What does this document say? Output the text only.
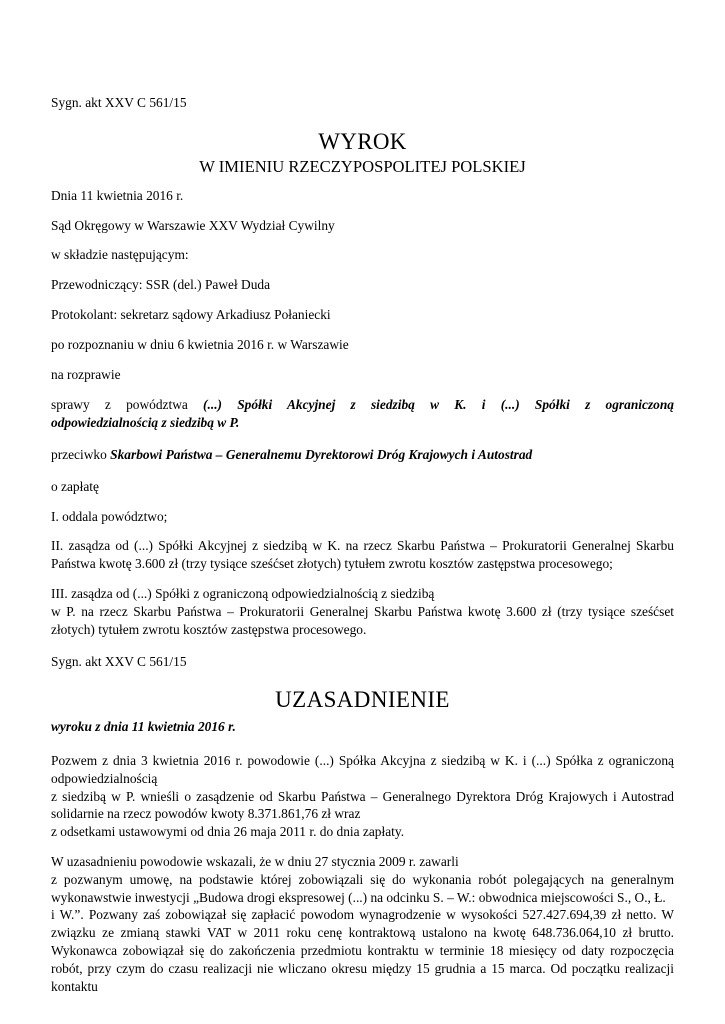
Sygn. akt XXV C 561/15

WYROK

W IMIENIU RZECZYPOSPOLITEJ POLSKIEJ

Dnia 11 kwietnia 2016 r.

Sąd Okręgowy w Warszawie XXV Wydział Cywilny

w składzie następującym:

Przewodniczący: SSR (del.) Paweł Duda

Protokolant: sekretarz sądowy Arkadiusz Połaniecki

po rozpoznaniu w dniu 6 kwietnia 2016 r. w Warszawie

na rozprawie

sprawy z powództwa (...) Spółki Akcyjnej z siedzibą w K. i (...) Spółki z ograniczoną

odpowiedzialnością z siedzibą w P.

przeciwko Skarbowi Państwa – Generalnemu Dyrektorowi Dróg Krajowych i Autostrad

o zapłatę

I. oddala powództwo;

II. zasądza od (...) Spółki Akcyjnej z siedzibą w K. na rzecz Skarbu Państwa – Prokuratorii Generalnej Skarbu Państwa kwotę 3.600 zł (trzy tysiące sześćset złotych) tytułem zwrotu kosztów zastępstwa procesowego;

III. zasądza od (...) Spółki z ograniczoną odpowiedzialnością z siedzibą

w P. na rzecz Skarbu Państwa – Prokuratorii Generalnej Skarbu Państwa kwotę 3.600 zł (trzy tysiące sześćset złotych) tytułem zwrotu kosztów zastępstwa procesowego.

Sygn. akt XXV C 561/15

UZASADNIENIE

wyroku z dnia 11 kwietnia 2016 r.

Pozwem z dnia 3 kwietnia 2016 r. powodowie (...) Spółka Akcyjna z siedzibą w K. i (...) Spółka z ograniczoną

odpowiedzialnością

z siedzibą w P. wnieśli o zasądzenie od Skarbu Państwa – Generalnego Dyrektora Dróg Krajowych i Autostrad

solidarnie na rzecz powodów kwoty 8.371.861,76 zł wraz

z odsetkami ustawowymi od dnia 26 maja 2011 r. do dnia zapłaty.

W uzasadnieniu powodowie wskazali, że w dniu 27 stycznia 2009 r. zawarli

z pozwanym umowę, na podstawie której zobowiązali się do wykonania robót polegających na generalnym wykonawstwie inwestycji „Budowa drogi ekspresowej (...) na odcinku S. – W.: obwodnica miejscowości S., O., Ł.

i W.”. Pozwany zaś zobowiązał się zapłacić powodom wynagrodzenie w wysokości 527.427.694,39 zł netto. W związku ze zmianą stawki VAT w 2011 roku cenę kontraktową ustalono na kwotę 648.736.064,10 zł brutto. Wykonawca zobowiązał się do zakończenia przedmiotu kontraktu w terminie 18 miesięcy od daty rozpoczęcia robót, przy czym do czasu realizacji nie wliczano okresu między 15 grudnia a 15 marca. Od początku realizacji kontaktu
